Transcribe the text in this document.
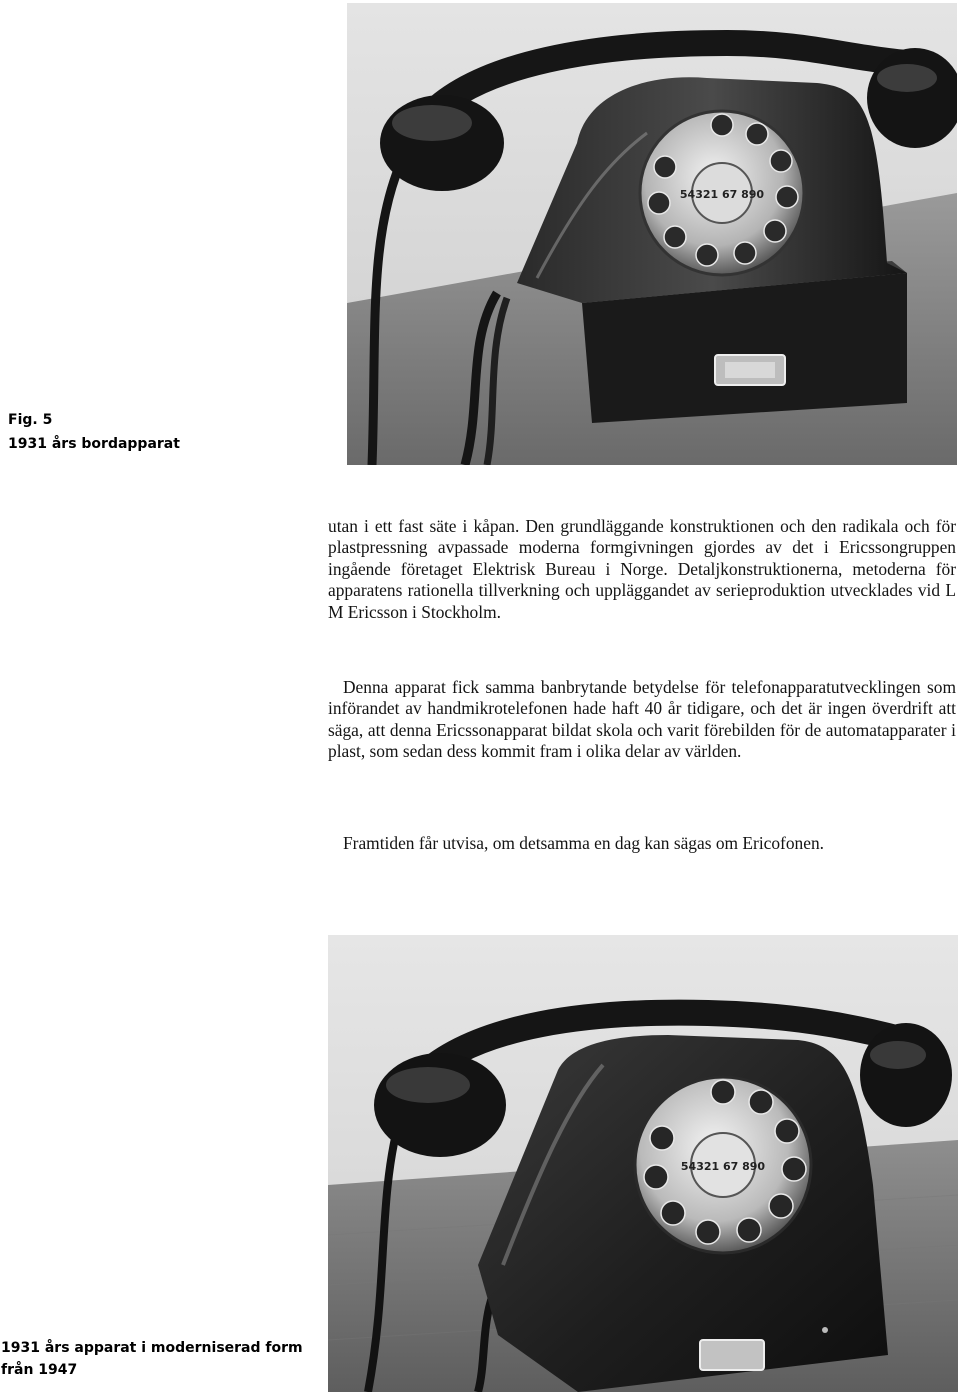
54321 67 890
Fig. 5
1931 års bordapparat

utan i ett fast säte i kåpan. Den grundläggande konstruktionen och den radikala och för plastpressning avpassade moderna formgivningen gjordes av det i Ericssongruppen ingående företaget Elektrisk Bureau i Norge. Detaljkonstruktionerna, metoderna för apparatens rationella tillverkning och uppläggandet av serieproduktion utvecklades vid L M Ericsson i Stockholm.

Denna apparat fick samma banbrytande betydelse för telefonapparatutvecklingen som införandet av handmikrotelefonen hade haft 40 år tidigare, och det är ingen överdrift att säga, att denna Ericssonapparat bildat skola och varit förebilden för de automatapparater i plast, som sedan dess kommit fram i olika delar av världen.

Framtiden får utvisa, om detsamma en dag kan sägas om Ericofonen.

54321 67 890
1931 års apparat i moderniserad form från 1947
